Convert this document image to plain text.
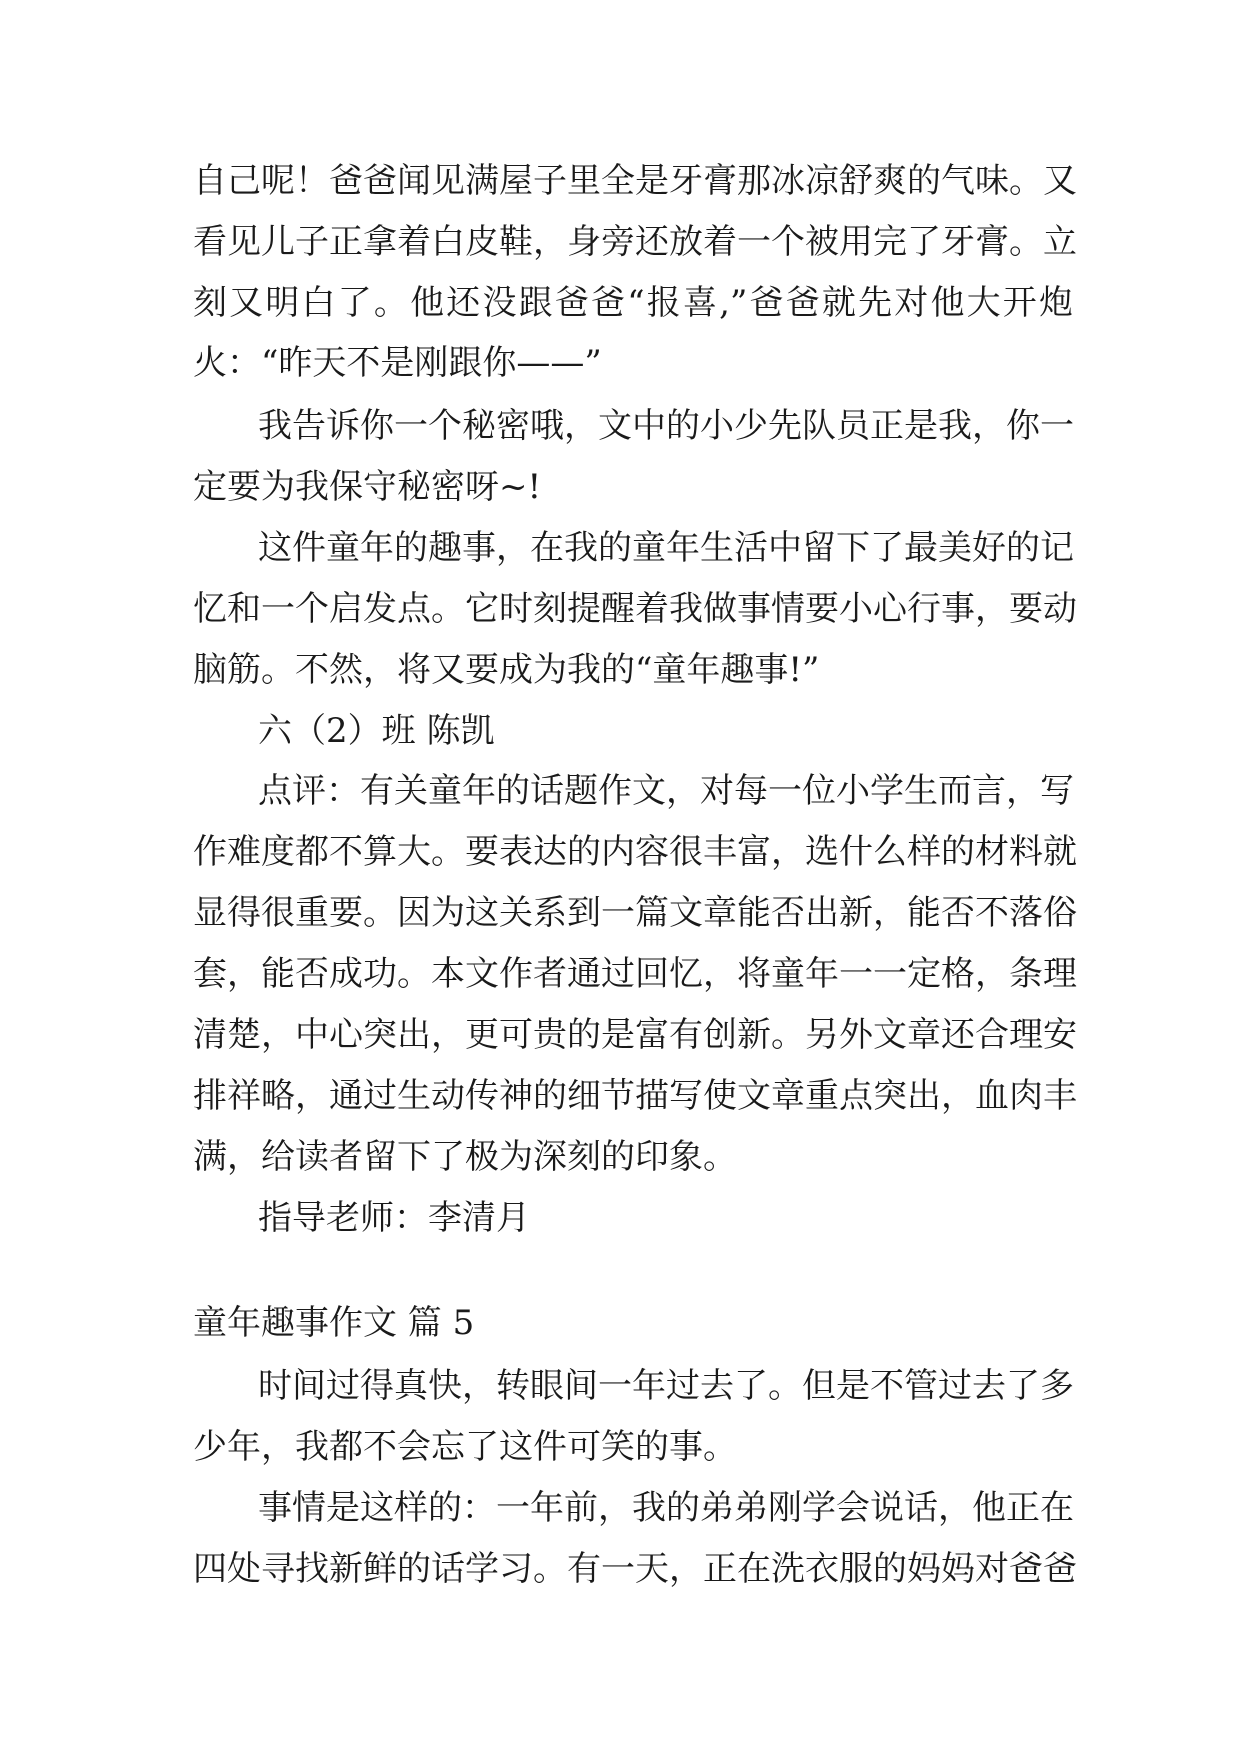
自己呢！爸爸闻见满屋子里全是牙膏那冰凉舒爽的气味。又
看见儿子正拿着白皮鞋，身旁还放着一个被用完了牙膏。立
刻又明白了。他还没跟爸爸“报喜,”爸爸就先对他大开炮
火：“昨天不是刚跟你——”
我告诉你一个秘密哦，文中的小少先队员正是我，你一
定要为我保守秘密呀~!
这件童年的趣事，在我的童年生活中留下了最美好的记
忆和一个启发点。它时刻提醒着我做事情要小心行事，要动
脑筋。不然，将又要成为我的“童年趣事!”
六（2）班 陈凯
点评：有关童年的话题作文，对每一位小学生而言，写
作难度都不算大。要表达的内容很丰富，选什么样的材料就
显得很重要。因为这关系到一篇文章能否出新，能否不落俗
套，能否成功。本文作者通过回忆，将童年一一定格，条理
清楚，中心突出，更可贵的是富有创新。另外文章还合理安
排祥略，通过生动传神的细节描写使文章重点突出，血肉丰
满，给读者留下了极为深刻的印象。
指导老师：李清月
童年趣事作文 篇 5
时间过得真快，转眼间一年过去了。但是不管过去了多
少年，我都不会忘了这件可笑的事。
事情是这样的：一年前，我的弟弟刚学会说话，他正在
四处寻找新鲜的话学习。有一天，正在洗衣服的妈妈对爸爸
